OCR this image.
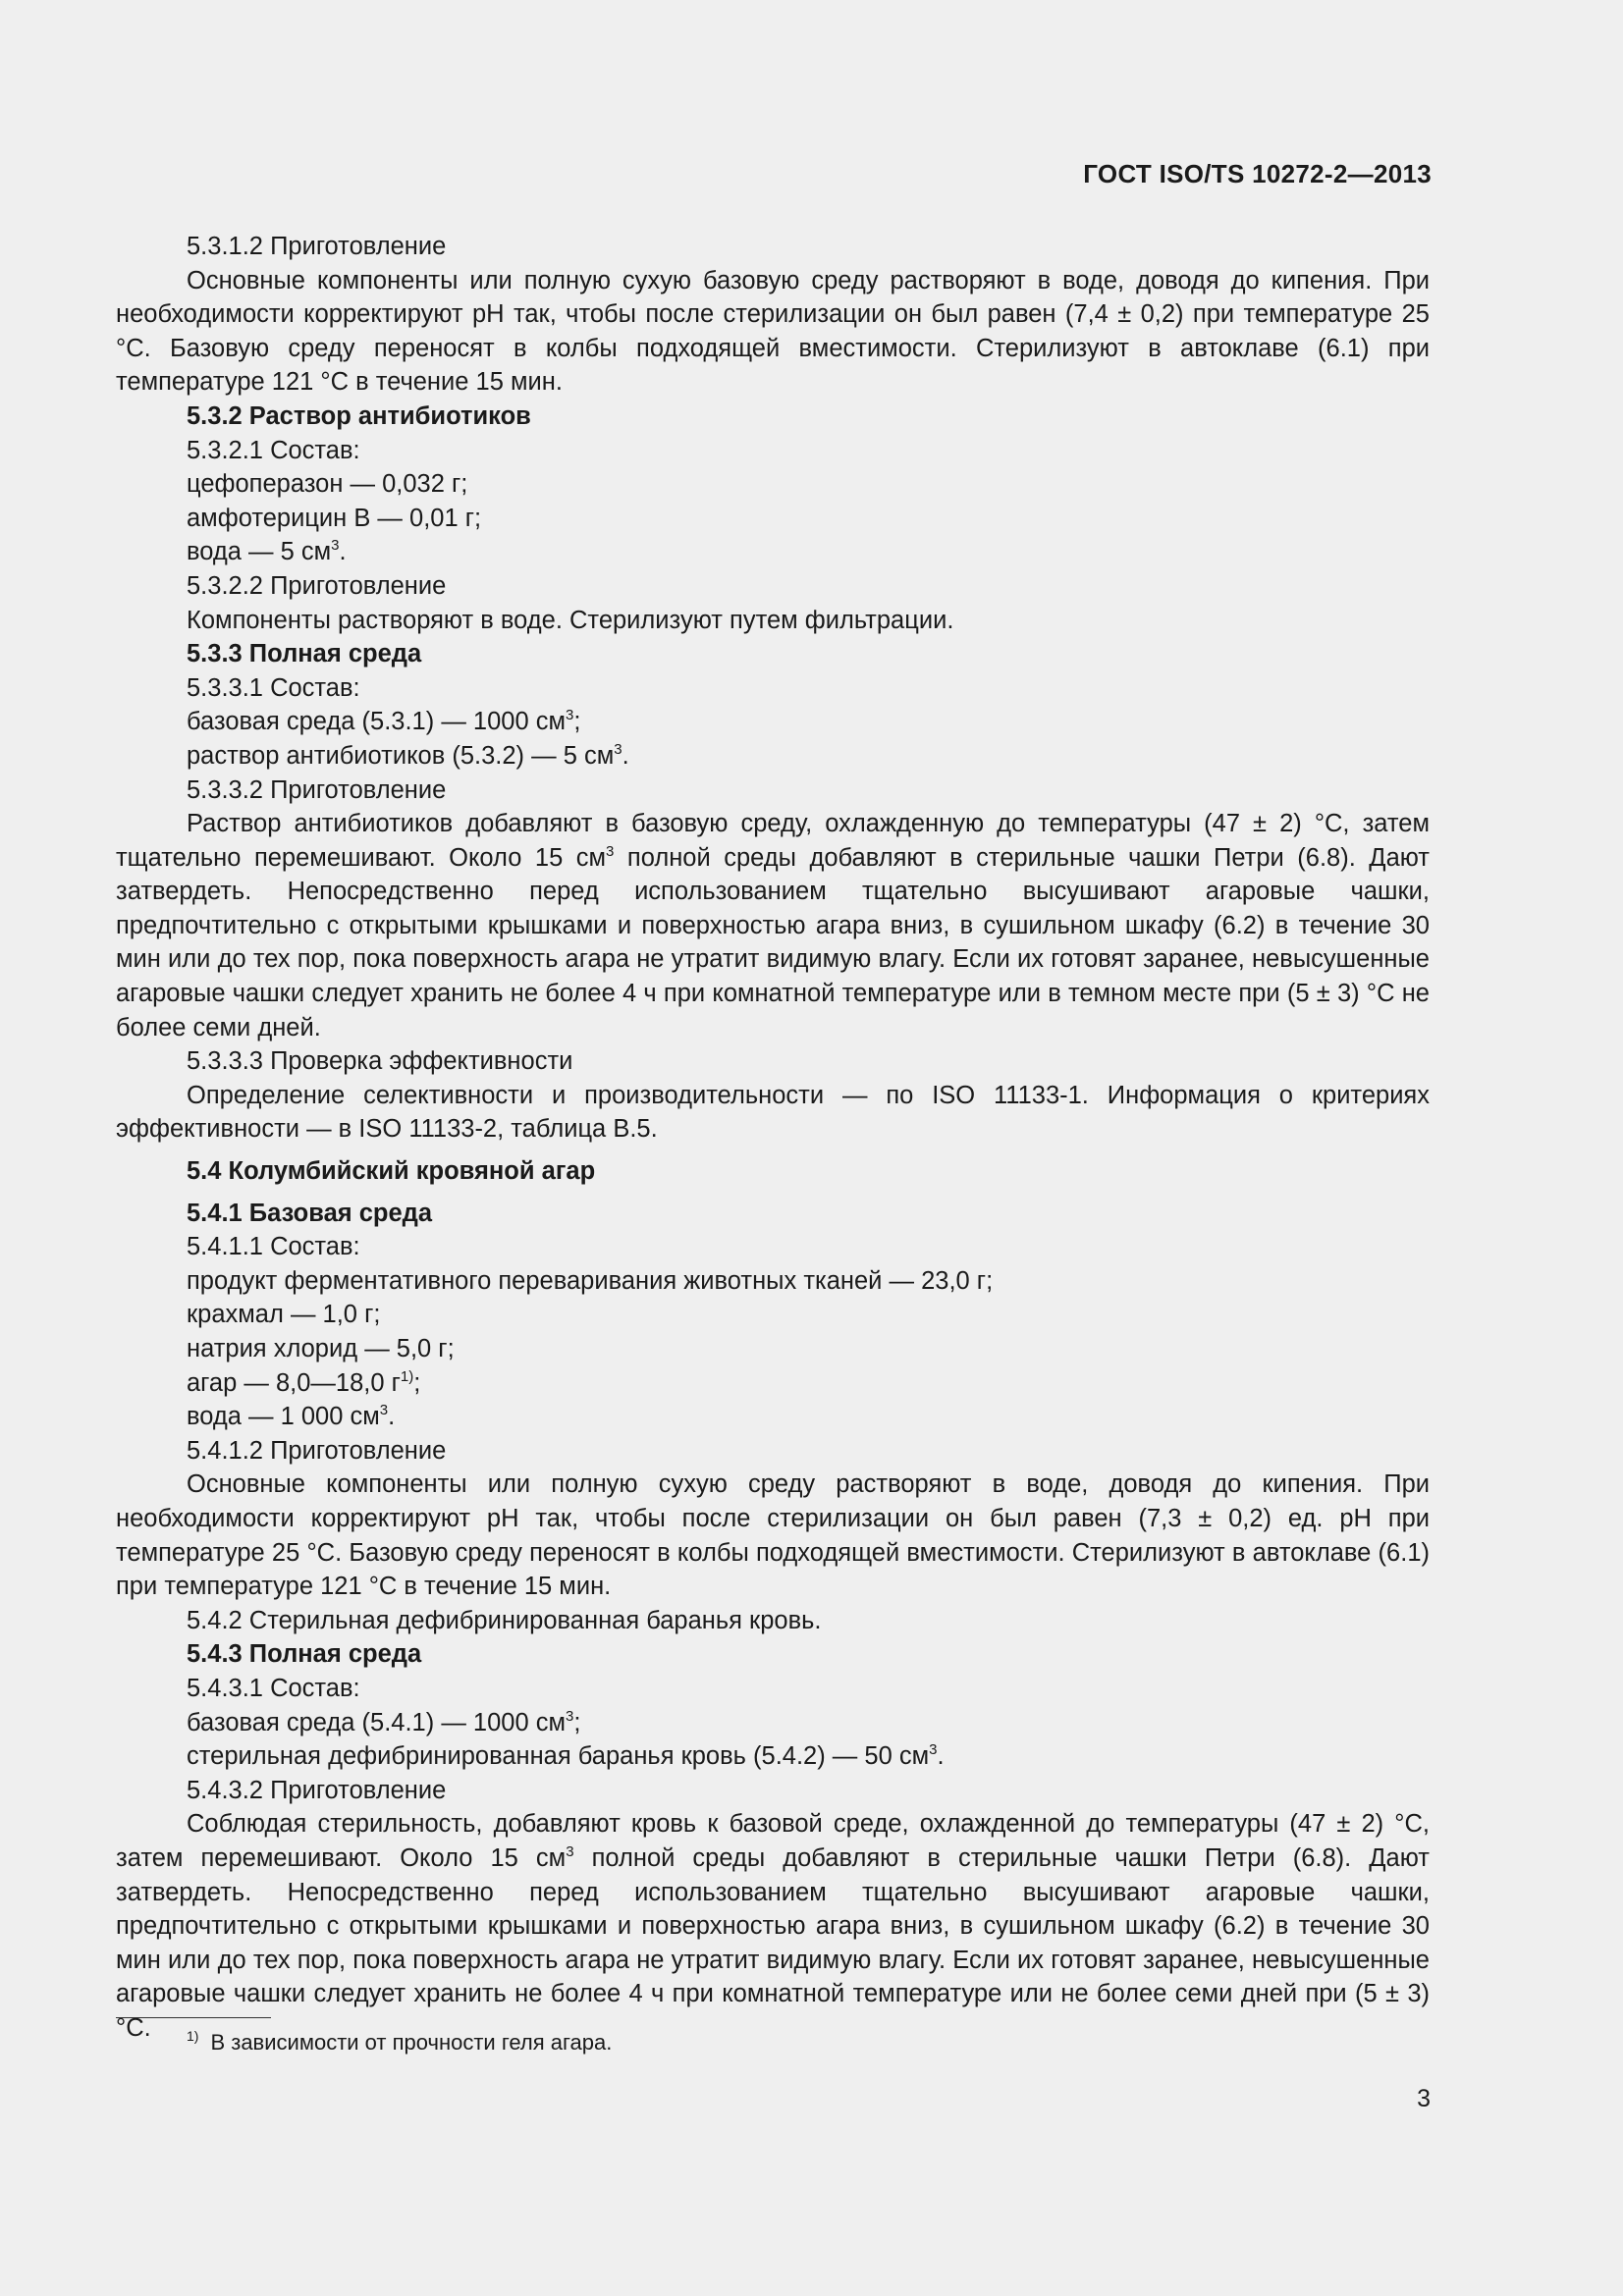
ГОСТ ISO/TS 10272-2—2013

5.3.1.2 Приготовление

Основные компоненты или полную сухую базовую среду растворяют в воде, доводя до кипения. При необходимости корректируют pH так, чтобы после стерилизации он был равен (7,4 ± 0,2) при температуре 25 °С. Базовую среду переносят в колбы подходящей вместимости. Стерилизуют в автоклаве (6.1) при температуре 121 °С в течение 15 мин.

5.3.2 Раствор антибиотиков

5.3.2.1 Состав:

цефоперазон — 0,032 г;

амфотерицин В — 0,01 г;

вода — 5 $см^3$.

5.3.2.2 Приготовление

Компоненты растворяют в воде. Стерилизуют путем фильтрации.

5.3.3 Полная среда

5.3.3.1 Состав:

базовая среда (5.3.1) — 1000 $см^3$;

раствор антибиотиков (5.3.2) — 5 $см^3$.

5.3.3.2 Приготовление

Раствор антибиотиков добавляют в базовую среду, охлажденную до температуры (47 ± 2) °С, затем тщательно перемешивают. Около 15 $см^3$ полной среды добавляют в стерильные чашки Петри (6.8). Дают затвердеть. Непосредственно перед использованием тщательно высушивают агаровые чашки, предпочтительно с открытыми крышками и поверхностью агара вниз, в сушильном шкафу (6.2) в течение 30 мин или до тех пор, пока поверхность агара не утратит видимую влагу. Если их готовят заранее, невысушенные агаровые чашки следует хранить не более 4 ч при комнатной температуре или в темном месте при (5 ± 3) °С не более семи дней.

5.3.3.3 Проверка эффективности

Определение селективности и производительности — по ISO 11133-1. Информация о критериях эффективности — в ISO 11133-2, таблица В.5.

5.4 Колумбийский кровяной агар

5.4.1 Базовая среда

5.4.1.1 Состав:

продукт ферментативного переваривания животных тканей — 23,0 г;

крахмал — 1,0 г;

натрия хлорид — 5,0 г;

агар — 8,0—18,0 $г^{1)}$;

вода — 1 000 $см^3$.

5.4.1.2 Приготовление

Основные компоненты или полную сухую среду растворяют в воде, доводя до кипения. При необходимости корректируют pH так, чтобы после стерилизации он был равен (7,3 ± 0,2) ед. pH при температуре 25 °С. Базовую среду переносят в колбы подходящей вместимости. Стерилизуют в автоклаве (6.1) при температуре 121 °С в течение 15 мин.

5.4.2 Стерильная дефибринированная баранья кровь.

5.4.3 Полная среда

5.4.3.1 Состав:

базовая среда (5.4.1) — 1000 $см^3$;

стерильная дефибринированная баранья кровь (5.4.2) — 50 $см^3$.

5.4.3.2 Приготовление

Соблюдая стерильность, добавляют кровь к базовой среде, охлажденной до температуры (47 ± 2) °С, затем перемешивают. Около 15 $см^3$ полной среды добавляют в стерильные чашки Петри (6.8). Дают затвердеть. Непосредственно перед использованием тщательно высушивают агаровые чашки, предпочтительно с открытыми крышками и поверхностью агара вниз, в сушильном шкафу (6.2) в течение 30 мин или до тех пор, пока поверхность агара не утратит видимую влагу. Если их готовят заранее, невысушенные агаровые чашки следует хранить не более 4 ч при комнатной температуре или не более семи дней при (5 ± 3) °С.	$^{1)}$ В зависимости от прочности геля агара.
3
